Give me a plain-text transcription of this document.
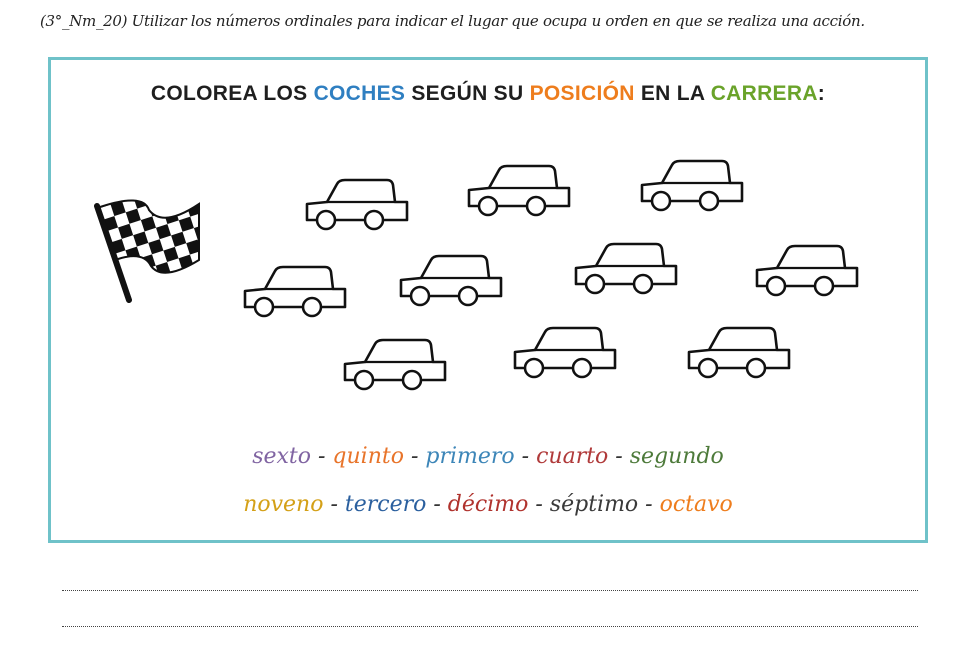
(3°_Nm_20) Utilizar los números ordinales para indicar el lugar que ocupa u orden en que se realiza una acción.
COLOREA LOS COCHES SEGÚN SU POSICIÓN EN LA CARRERA:
sexto - quinto - primero - cuarto - segundo
noveno - tercero - décimo - séptimo - octavo
